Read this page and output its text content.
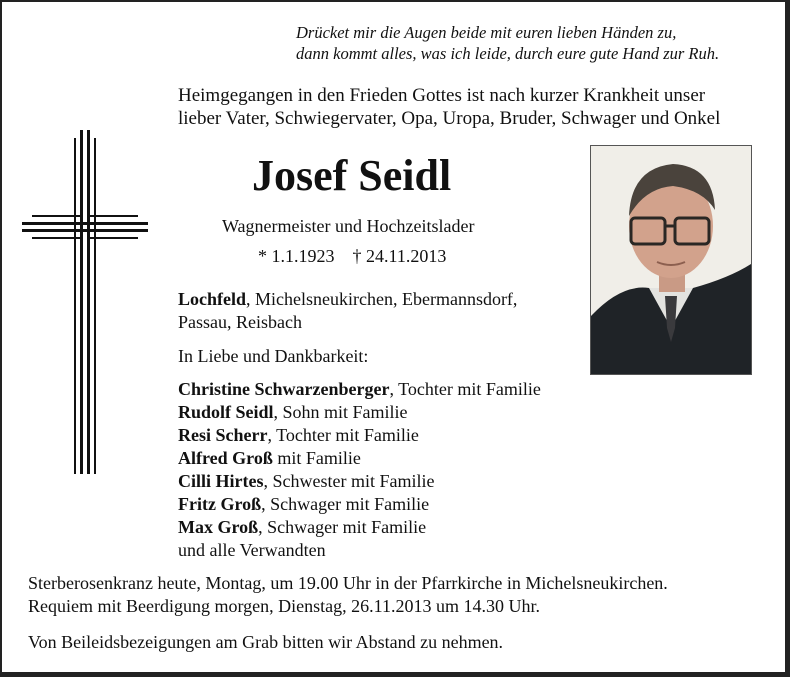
Drücket mir die Augen beide mit euren lieben Händen zu,
dann kommt alles, was ich leide, durch eure gute Hand zur Ruh.
Heimgegangen in den Frieden Gottes ist nach kurzer Krankheit unser
lieber Vater, Schwiegervater, Opa, Uropa, Bruder, Schwager und Onkel
Josef Seidl
Wagnermeister und Hochzeitslader
* 1.1.1923 † 24.11.2013
Lochfeld, Michelsneukirchen, Ebermannsdorf,
Passau, Reisbach
In Liebe und Dankbarkeit:
Christine Schwarzenberger, Tochter mit Familie
Rudolf Seidl, Sohn mit Familie
Resi Scherr, Tochter mit Familie
Alfred Groß mit Familie
Cilli Hirtes, Schwester mit Familie
Fritz Groß, Schwager mit Familie
Max Groß, Schwager mit Familie
und alle Verwandten
Sterberosenkranz heute, Montag, um 19.00 Uhr in der Pfarrkirche in Michelsneukirchen.
Requiem mit Beerdigung morgen, Dienstag, 26.11.2013 um 14.30 Uhr.
Von Beileidsbezeigungen am Grab bitten wir Abstand zu nehmen.
